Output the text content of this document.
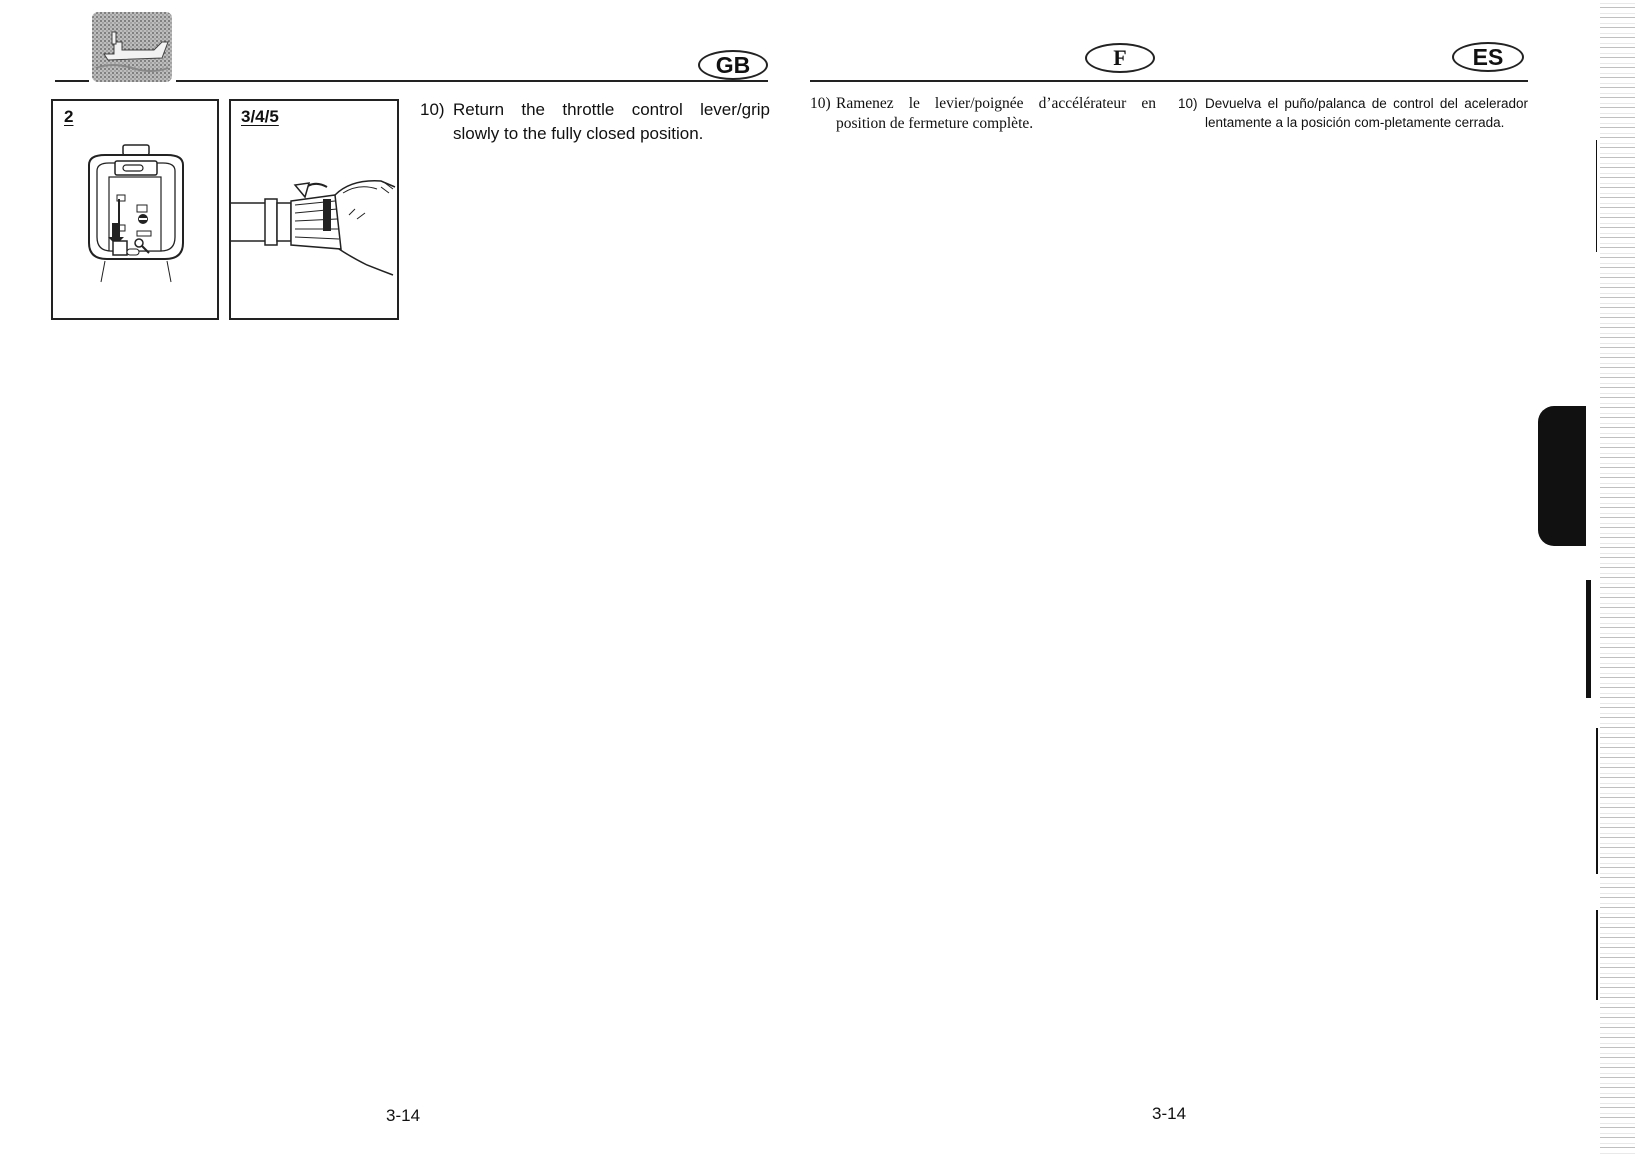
GB	F	ES
2	3/4/5	10) Return the throttle control lever/grip slowly to the fully closed position.
10) Ramenez le levier/poignée d’accélérateur en position de fermeture complète.
10) Devuelva el puño/palanca de control del acelerador lentamente a la posición com-pletamente cerrada.
3-14	3-14
